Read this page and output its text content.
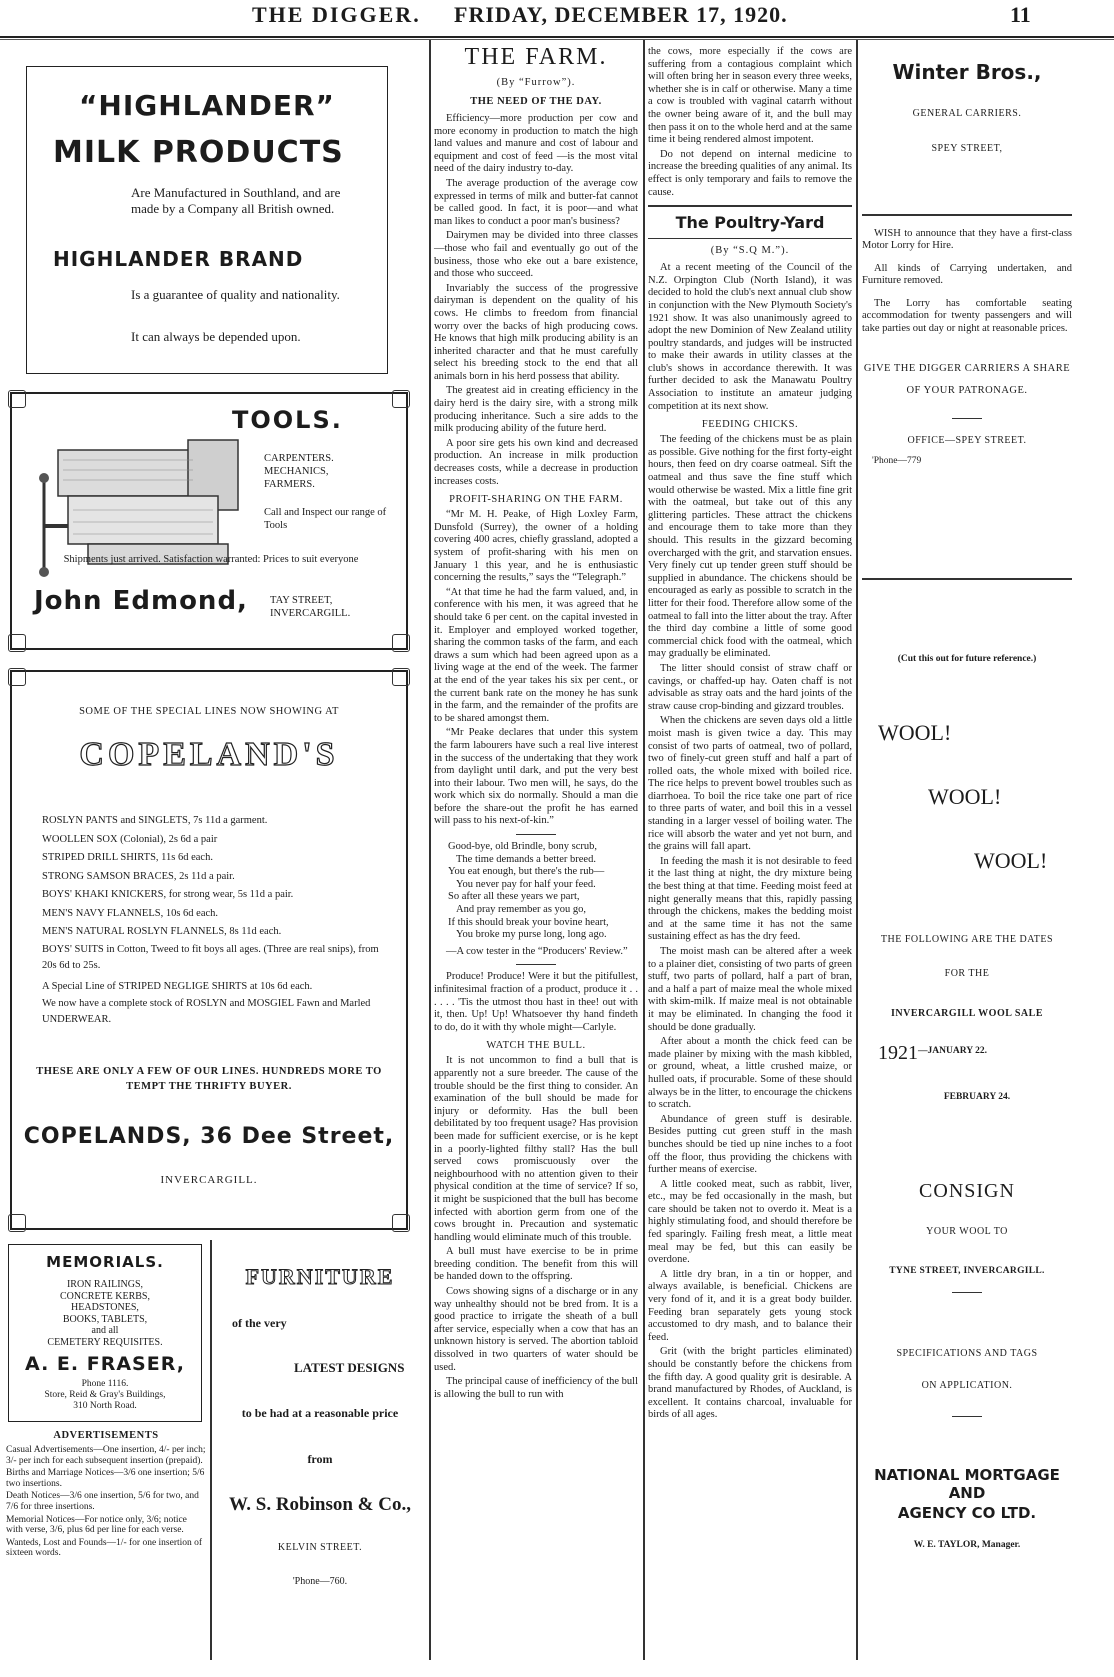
THE DIGGER. FRIDAY, DECEMBER 17, 1920.	11
“HIGHLANDER”
MILK PRODUCTS
Are Manufactured in Southland, and are made by a Company all British owned.
HIGHLANDER BRAND
Is a guarantee of quality and nationality.
It can always be depended upon.
TOOLS.
CARPENTERS.
MECHANICS,
FARMERS.
Call and Inspect our range of Tools
Shipments just arrived. Satisfaction warranted: Prices to suit everyone
John Edmond, TAY STREET, INVERCARGILL.
SOME OF THE SPECIAL LINES NOW SHOWING AT
COPELAND'S
ROSLYN PANTS and SINGLETS, 7s 11d a garment.
WOOLLEN SOX (Colonial), 2s 6d a pair
STRIPED DRILL SHIRTS, 11s 6d each.
STRONG SAMSON BRACES, 2s 11d a pair.
BOYS' KHAKI KNICKERS, for strong wear, 5s 11d a pair.
MEN'S NAVY FLANNELS, 10s 6d each.
MEN'S NATURAL ROSLYN FLANNELS, 8s 11d each.
BOYS' SUITS in Cotton, Tweed to fit boys all ages. (Three are real snips), from 20s 6d to 25s.
A Special Line of STRIPED NEGLIGE SHIRTS at 10s 6d each.
We now have a complete stock of ROSLYN and MOSGIEL Fawn and Marled UNDERWEAR.
THESE ARE ONLY A FEW OF OUR LINES. HUNDREDS MORE TO TEMPT THE THRIFTY BUYER.
COPELANDS, 36 Dee Street,
INVERCARGILL.
MEMORIALS.
IRON RAILINGS,
CONCRETE KERBS,
HEADSTONES,
BOOKS, TABLETS,
and all
CEMETERY REQUISITES.
A. E. FRASER,
Phone 1116.
Store, Reid & Gray's Buildings,
310 North Road.
ADVERTISEMENTS
Casual Advertisements—One insertion, 4/- per inch; 3/- per inch for each subsequent insertion (prepaid).
Births and Marriage Notices—3/6 one insertion; 5/6 two insertions.
Death Notices—3/6 one insertion, 5/6 for two, and 7/6 for three insertions.
Memorial Notices—For notice only, 3/6; notice with verse, 3/6, plus 6d per line for each verse.
Wanteds, Lost and Founds—1/- for one insertion of sixteen words.
FURNITURE
of the very
LATEST DESIGNS
to be had at a reasonable price
from
W. S. Robinson & Co.,
KELVIN STREET.
'Phone—760.
THE FARM.
(By “Furrow”).
THE NEED OF THE DAY.

Efficiency—more production per cow and more economy in production to match the high land values and manure and cost of labour and equipment and cost of feed —is the most vital need of the dairy industry to-day.

The average production of the average cow expressed in terms of milk and butter-fat cannot be called good. In fact, it is poor—and what man likes to conduct a poor man's business?

Dairymen may be divided into three classes—those who fail and eventually go out of the business, those who eke out a bare existence, and those who succeed.

Invariably the success of the progressive dairyman is dependent on the quality of his cows. He climbs to freedom from financial worry over the backs of high producing cows. He knows that high milk producing ability is an inherited character and that he must carefully select his breeding stock to the end that all animals born in his herd possess that ability.

The greatest aid in creating efficiency in the dairy herd is the dairy sire, with a strong milk producing inheritance. Such a sire adds to the milk producing ability of the future herd.

A poor sire gets his own kind and decreased production. An increase in milk production decreases costs, while a decrease in production increases costs.

PROFIT-SHARING ON THE FARM.

“Mr M. H. Peake, of High Loxley Farm, Dunsfold (Surrey), the owner of a holding covering 400 acres, chiefly grassland, adopted a system of profit-sharing with his men on January 1 this year, and he is enthusiastic concerning the results,” says the “Telegraph.”

“At that time he had the farm valued, and, in conference with his men, it was agreed that he should take 6 per cent. on the capital invested in it. Employer and employed worked together, sharing the common tasks of the farm, and each draws a sum which had been agreed upon as a living wage at the end of the week. The farmer at the end of the year takes his six per cent., or the current bank rate on the money he has sunk in the farm, and the remainder of the profits are to be shared amongst them.

“Mr Peake declares that under this system the farm labourers have such a real live interest in the success of the undertaking that they work from daylight until dark, and put the very best into their labour. Two men will, he says, do the work which six do normally. Should a man die before the share-out the profit he has earned will pass to his next-of-kin.”

Good-bye, old Brindle, bony scrub,
The time demands a better breed.
You eat enough, but there's the rub—
You never pay for half your feed.
So after all these years we part,
And pray remember as you go,
If this should break your bovine heart,
You broke my purse long, long ago.

—A cow tester in the “Producers' Review.”

Produce! Produce! Were it but the pitifullest, infinitesimal fraction of a product, produce it . . . . . . 'Tis the utmost thou hast in thee! out with it, then. Up! Up! Whatsoever thy hand findeth to do, do it with thy whole might—Carlyle.

WATCH THE BULL.

It is not uncommon to find a bull that is apparently not a sure breeder. The cause of the trouble should be the first thing to consider. An examination of the bull should be made for injury or deformity. Has the bull been debilitated by too frequent usage? Has provision been made for sufficient exercise, or is he kept in a poorly-lighted filthy stall? Has the bull served cows promiscuously over the neighbourhood with no attention given to their physical condition at the time of service? If so, it might be suspicioned that the bull has become infected with abortion germ from one of the cows brought in. Precaution and systematic handling would eliminate much of this trouble.

A bull must have exercise to be in prime breeding condition. The benefit from this will be handed down to the offspring.

Cows showing signs of a discharge or in any way unhealthy should not be bred from. It is a good practice to irrigate the sheath of a bull after service, especially when a cow that has an unknown history is served. The abortion tabloid dissolved in two quarters of water should be used.

The principal cause of inefficiency of the bull is allowing the bull to run with

the cows, more especially if the cows are suffering from a contagious complaint which will often bring her in season every three weeks, whether she is in calf or otherwise. Many a time a cow is troubled with vaginal catarrh without the owner being aware of it, and the bull may then pass it on to the whole herd and at the same time it being rendered almost impotent.

Do not depend on internal medicine to increase the breeding qualities of any animal. Its effect is only temporary and fails to remove the cause.

The Poultry-Yard
(By “S.Q M.”).

At a recent meeting of the Council of the N.Z. Orpington Club (North Island), it was decided to hold the club's next annual club show in conjunction with the New Plymouth Society's 1921 show. It was also unanimously agreed to adopt the new Dominion of New Zealand utility poultry standards, and judges will be instructed to make their awards in utility classes at the club's shows in accordance therewith. It was further decided to ask the Manawatu Poultry Association to institute an amateur judging competition at its next show.

FEEDING CHICKS.

The feeding of the chickens must be as plain as possible. Give nothing for the first forty-eight hours, then feed on dry coarse oatmeal. Sift the oatmeal and thus save the fine stuff which would otherwise be wasted. Mix a little fine grit with the oatmeal, but take out of this any glittering particles. These attract the chickens and encourage them to take more than they should. This results in the gizzard becoming overcharged with the grit, and starvation ensues. Very finely cut up tender green stuff should be supplied in abundance. The chickens should be encouraged as early as possible to scratch in the litter for their food. Therefore allow some of the oatmeal to fall into the litter about the tray. After the third day combine a little of some good commercial chick food with the oatmeal, which may gradually be eliminated.

The litter should consist of straw chaff or cavings, or chaffed-up hay. Oaten chaff is not advisable as stray oats and the hard joints of the straw cause crop-binding and gizzard troubles.

When the chickens are seven days old a little moist mash is given twice a day. This may consist of two parts of oatmeal, two of pollard, two of finely-cut green stuff and half a part of rolled oats, the whole mixed with boiled rice. The rice helps to prevent bowel troubles such as diarrhoea. To boil the rice take one part of rice to three parts of water, and boil this in a vessel standing in a larger vessel of boiling water. The rice will absorb the water and yet not burn, and the grains will fall apart.

In feeding the mash it is not desirable to feed it the last thing at night, the dry mixture being the best thing at that time. Feeding moist feed at night generally means that this, rapidly passing through the chickens, makes the bedding moist and at the same time it has not the same sustaining effect as has the dry feed.

The moist mash can be altered after a week to a plainer diet, consisting of two parts of green stuff, two parts of pollard, half a part of bran, and a half a part of maize meal the whole mixed with skim-milk. If maize meal is not obtainable it may be eliminated. In changing the food it should be done gradually.

After about a month the chick feed can be made plainer by mixing with the mash kibbled, or ground, wheat, a little crushed maize, or hulled oats, if procurable. Some of these should always be in the litter, to encourage the chickens to scratch.

Abundance of green stuff is desirable. Besides putting cut green stuff in the mash bunches should be tied up nine inches to a foot off the floor, thus providing the chickens with further means of exercise.

A little cooked meat, such as rabbit, liver, etc., may be fed occasionally in the mash, but care should be taken not to overdo it. Meat is a highly stimulating food, and should therefore be fed sparingly. Failing fresh meat, a little meat meal may be fed, but this can easily be overdone.

A little dry bran, in a tin or hopper, and always available, is beneficial. Chickens are very fond of it, and it is a great body builder. Feeding bran separately gets young stock accustomed to dry mash, and to balance their feed.

Grit (with the bright particles eliminated) should be constantly before the chickens from the fifth day. A good quality grit is desirable. A brand manufactured by Rhodes, of Auckland, is excellent. It contains charcoal, invaluable for birds of all ages.

Winter Bros.,
GENERAL CARRIERS.
SPEY STREET,

WISH to announce that they have a first-class Motor Lorry for Hire.

All kinds of Carrying undertaken, and Furniture removed.

The Lorry has comfortable seating accommodation for twenty passengers and will take parties out day or night at reasonable prices.

GIVE THE DIGGER CARRIERS A SHARE OF YOUR PATRONAGE.
OFFICE—SPEY STREET.
'Phone—779
(Cut this out for future reference.)
WOOL!
WOOL!
WOOL!
THE FOLLOWING ARE THE DATES
FOR THE
INVERCARGILL WOOL SALE
$1921^{—JANUARY 22.}$
FEBRUARY 24.
CONSIGN
YOUR WOOL TO
TYNE STREET, INVERCARGILL.
SPECIFICATIONS AND TAGS
ON APPLICATION.
NATIONAL MORTGAGE AND
AGENCY CO LTD.
W. E. TAYLOR, Manager.
